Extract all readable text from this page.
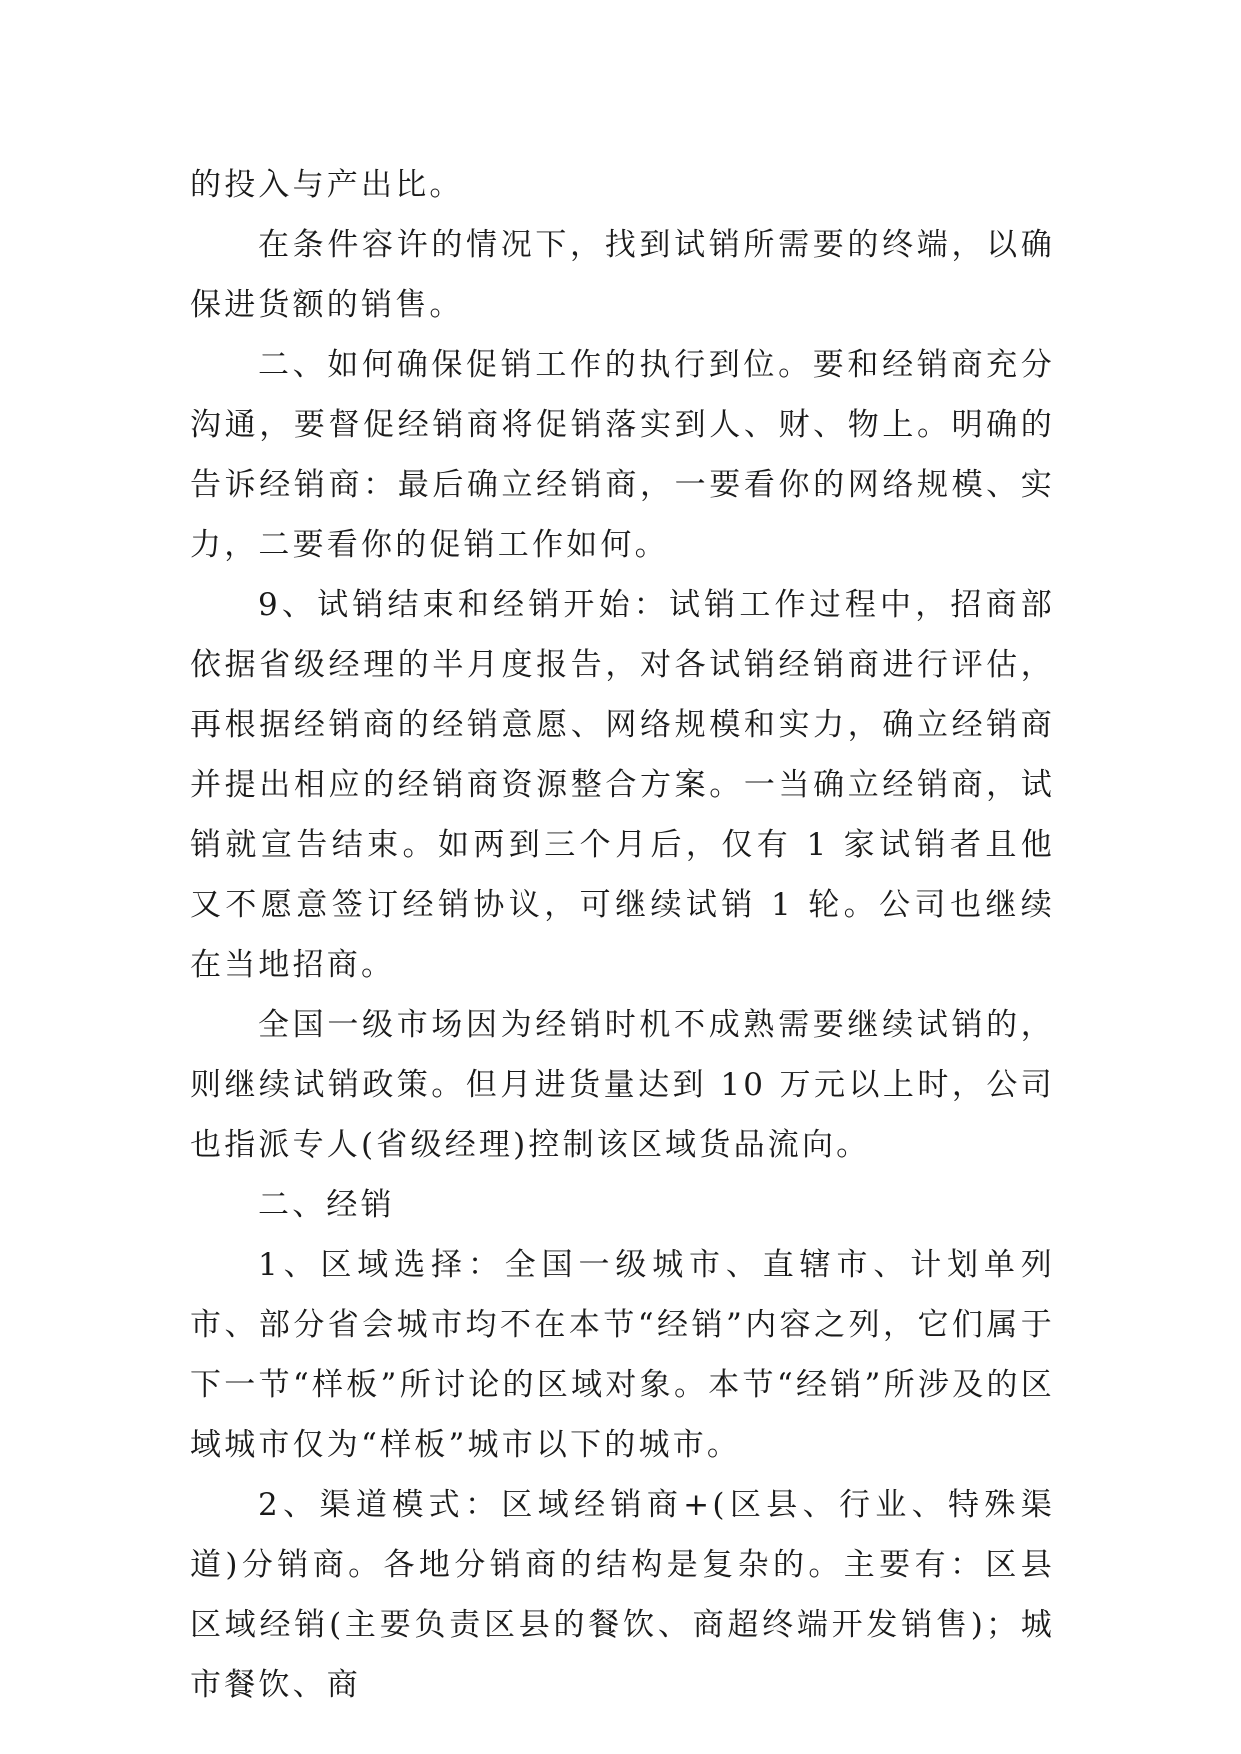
的投入与产出比。

在条件容许的情况下，找到试销所需要的终端，以确保进货额的销售。

二、如何确保促销工作的执行到位。要和经销商充分沟通，要督促经销商将促销落实到人、财、物上。明确的告诉经销商：最后确立经销商，一要看你的网络规模、实力，二要看你的促销工作如何。

9、试销结束和经销开始：试销工作过程中，招商部依据省级经理的半月度报告，对各试销经销商进行评估，再根据经销商的经销意愿、网络规模和实力，确立经销商并提出相应的经销商资源整合方案。一当确立经销商，试销就宣告结束。如两到三个月后，仅有 1 家试销者且他又不愿意签订经销协议，可继续试销 1 轮。公司也继续在当地招商。

全国一级市场因为经销时机不成熟需要继续试销的，则继续试销政策。但月进货量达到 10 万元以上时，公司也指派专人(省级经理)控制该区域货品流向。

二、经销

1、区域选择：全国一级城市、直辖市、计划单列市、部分省会城市均不在本节“经销”内容之列，它们属于下一节“样板”所讨论的区域对象。本节“经销”所涉及的区域城市仅为“样板”城市以下的城市。

2、渠道模式：区域经销商+(区县、行业、特殊渠道)分销商。各地分销商的结构是复杂的。主要有：区县区域经销(主要负责区县的餐饮、商超终端开发销售)；城市餐饮、商
